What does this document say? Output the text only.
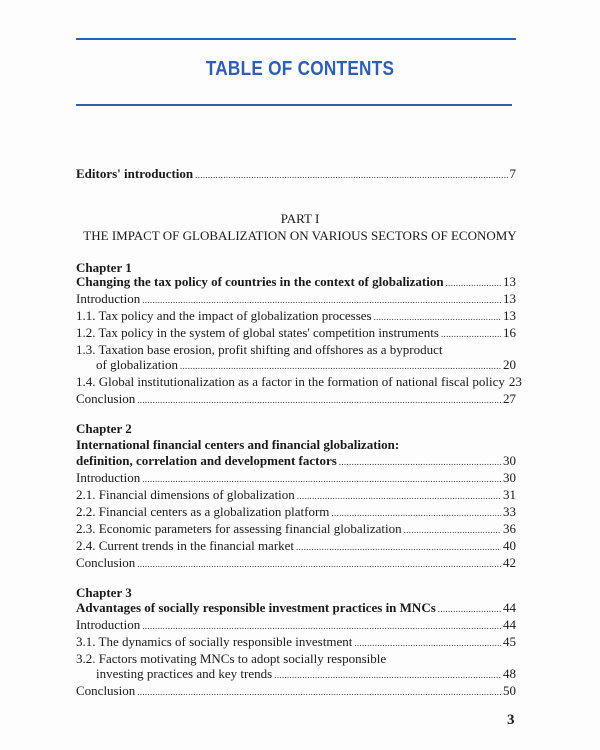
TABLE OF CONTENTS
Editors' introduction .....	7
PART I
THE IMPACT OF GLOBALIZATION ON VARIOUS SECTORS OF ECONOMY
Chapter 1
Changing the tax policy of countries in the context of globalization .....	13
Introduction .....	13
1.1. Tax policy and the impact of globalization processes .....	13
1.2. Tax policy in the system of global states' competition instruments .....	16
1.3. Taxation base erosion, profit shifting and offshores as a byproduct
of globalization .....	20
1.4. Global institutionalization as a factor in the formation of national fiscal policy 23
Conclusion .....	27
Chapter 2
International financial centers and financial globalization:
definition, correlation and development factors .....	30
Introduction .....	30
2.1. Financial dimensions of globalization .....	31
2.2. Financial centers as a globalization platform .....	33
2.3. Economic parameters for assessing financial globalization .....	36
2.4. Current trends in the financial market .....	40
Conclusion .....	42
Chapter 3
Advantages of socially responsible investment practices in MNCs .....	44
Introduction .....	44
3.1. The dynamics of socially responsible investment .....	45
3.2. Factors motivating MNCs to adopt socially responsible
investing practices and key trends .....	48
Conclusion .....	50
3
